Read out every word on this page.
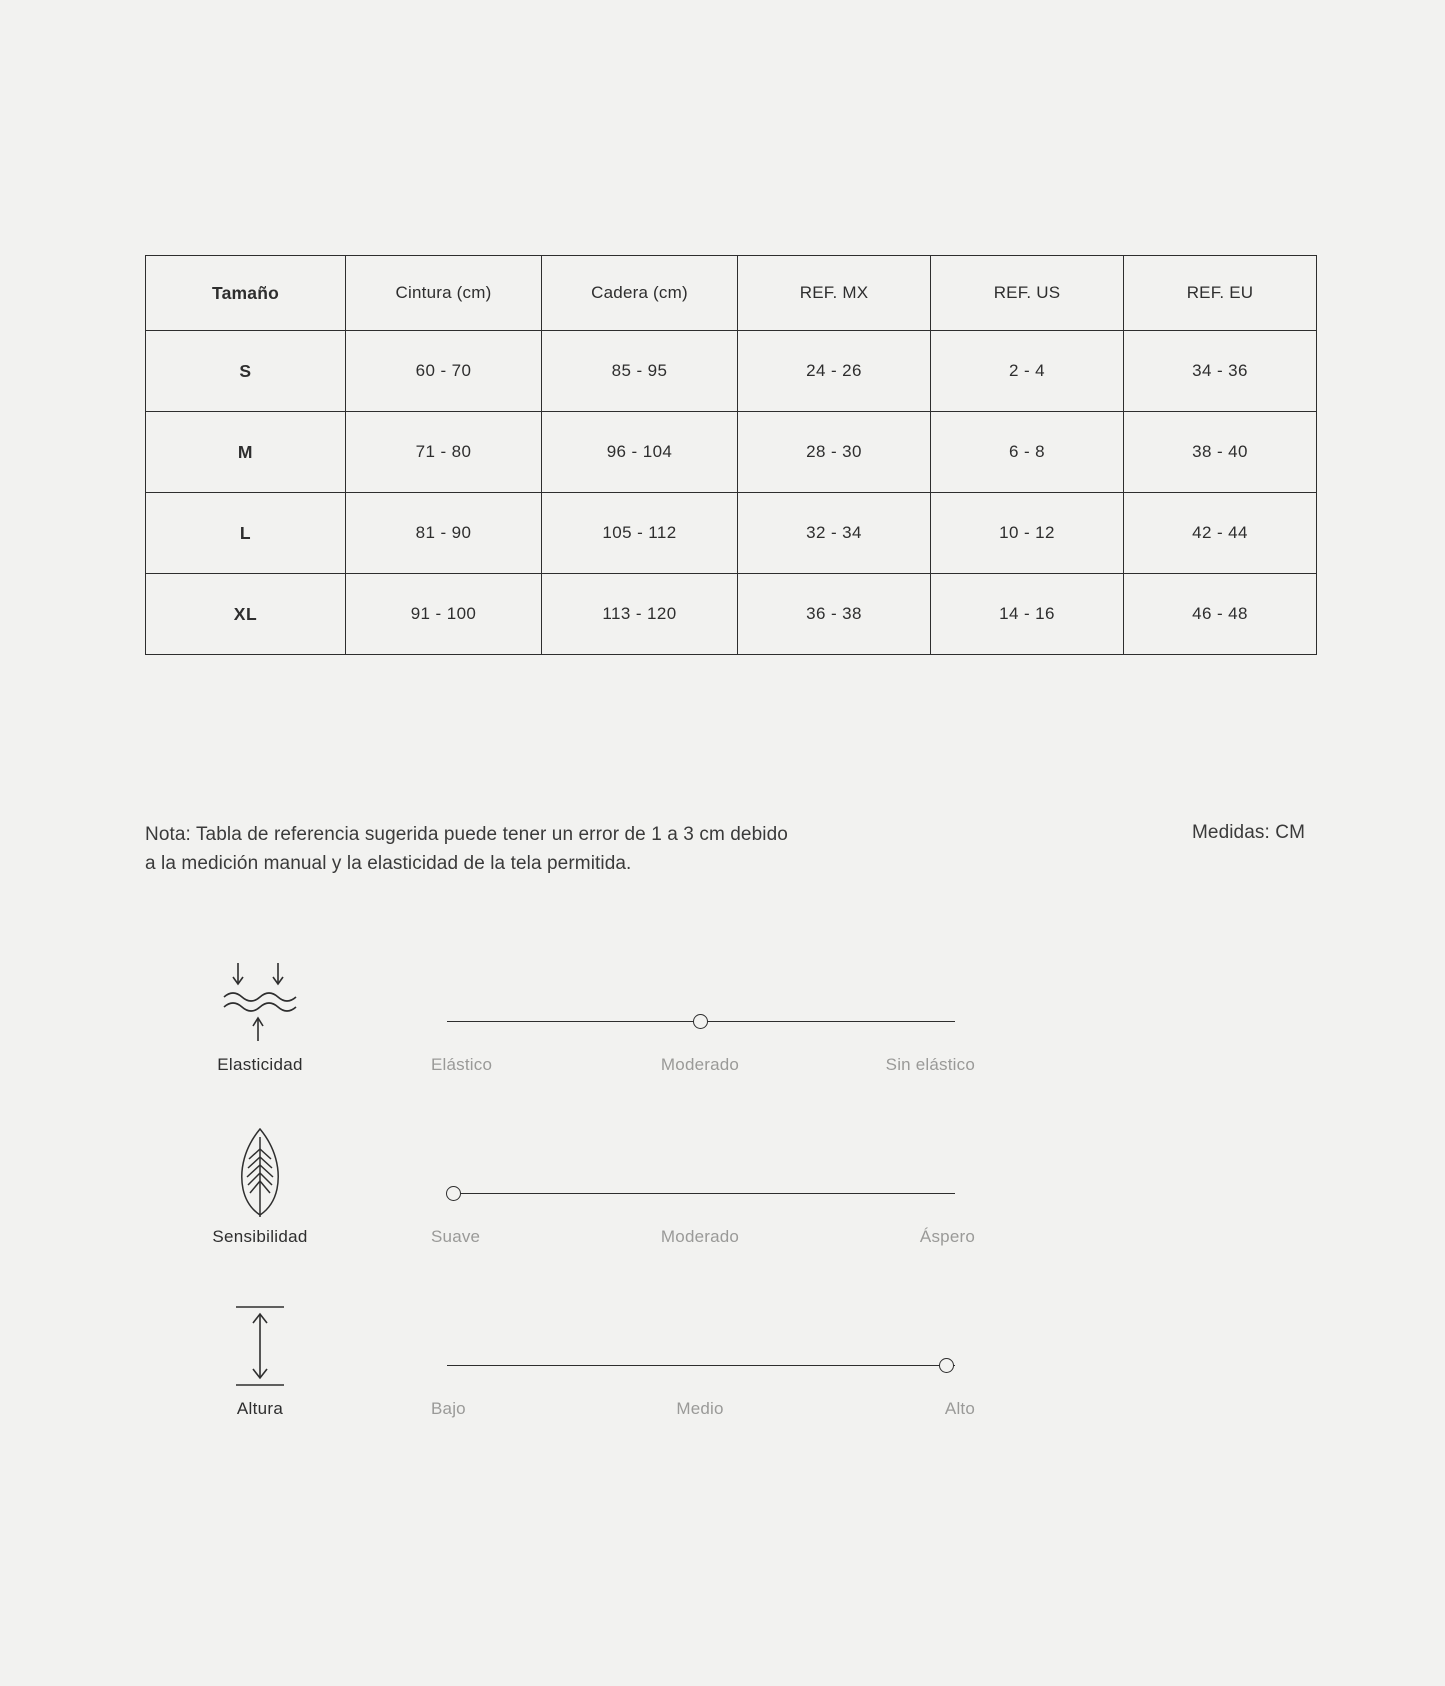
Tamaño	Cintura (cm)	Cadera (cm)	REF. MX	REF. US	REF. EU
S	60 - 70	85 - 95	24 - 26	2 - 4	34 - 36
M	71 - 80	96 - 104	28 - 30	6 - 8	38 - 40
L	81 - 90	105 - 112	32 - 34	10 - 12	42 - 44
XL	91 - 100	113 - 120	36 - 38	14 - 16	46 - 48
Nota: Tabla de referencia sugerida puede tener un error de 1 a 3 cm debido
a la medición manual y la elasticidad de la tela permitida.
Medidas: CM
Elasticidad	Elástico	Moderado	Sin elástico
Sensibilidad	Suave	Moderado	Áspero
Altura	Bajo	Medio	Alto
